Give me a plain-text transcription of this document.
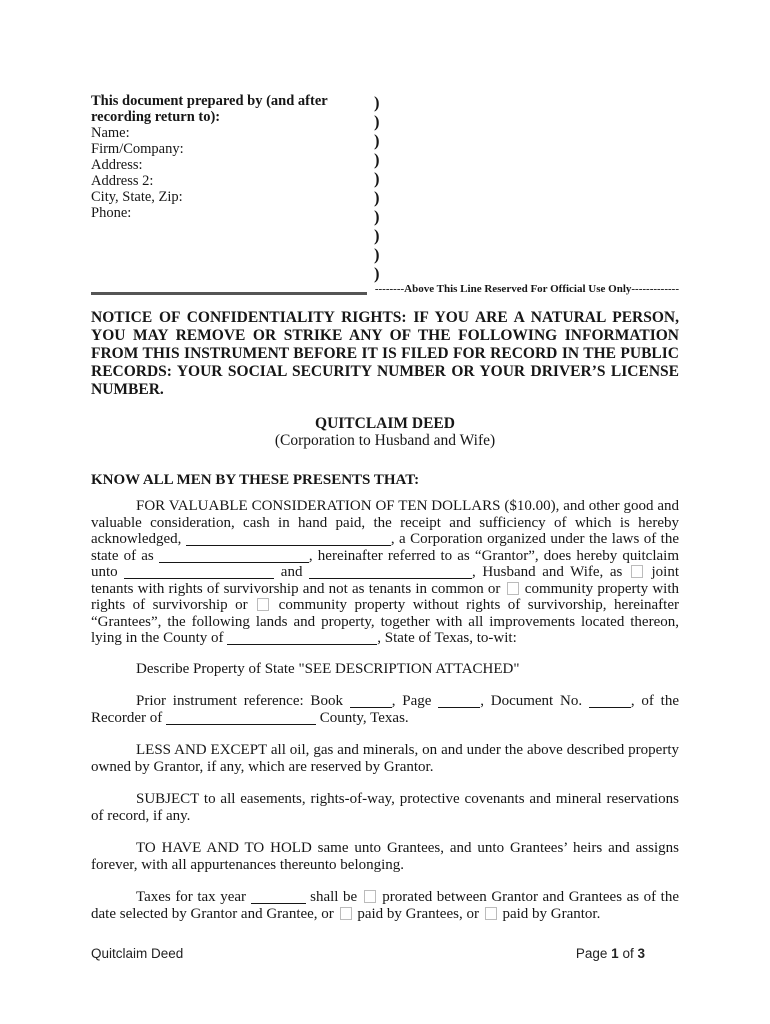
This document prepared by (and after recording return to):
Name:
Firm/Company:
Address:
Address 2:
City, State, Zip:
Phone:
)
)
)
)
)
)
)
)
)
)
--------Above This Line Reserved For Official Use Only-------------
NOTICE OF CONFIDENTIALITY RIGHTS: IF YOU ARE A NATURAL PERSON, YOU MAY REMOVE OR STRIKE ANY OF THE FOLLOWING INFORMATION FROM THIS INSTRUMENT BEFORE IT IS FILED FOR RECORD IN THE PUBLIC RECORDS: YOUR SOCIAL SECURITY NUMBER OR YOUR DRIVER’S LICENSE NUMBER.
QUITCLAIM DEED
(Corporation to Husband and Wife)
KNOW ALL MEN BY THESE PRESENTS THAT:

FOR VALUABLE CONSIDERATION OF TEN DOLLARS ($10.00), and other good and valuable consideration, cash in hand paid, the receipt and sufficiency of which is hereby acknowledged,	, a Corporation organized under the laws of the state of as	, hereinafter referred to as “Grantor”, does hereby quitclaim unto	and	, Husband and Wife, as  joint tenants with rights of survivorship and not as tenants in common or  community property with rights of survivorship or  community property without rights of survivorship, hereinafter “Grantees”, the following lands and property, together with all improvements located thereon, lying in the County of	, State of Texas, to-wit:

Describe Property of State "SEE DESCRIPTION ATTACHED"

Prior instrument reference: Book	, Page	, Document No.	, of the Recorder of	County, Texas.

LESS AND EXCEPT all oil, gas and minerals, on and under the above described property owned by Grantor, if any, which are reserved by Grantor.

SUBJECT to all easements, rights-of-way, protective covenants and mineral reservations of record, if any.

TO HAVE AND TO HOLD same unto Grantees, and unto Grantees’ heirs and assigns forever, with all appurtenances thereunto belonging.

Taxes for tax year	shall be  prorated between Grantor and Grantees as of the date selected by Grantor and Grantee, or  paid by Grantees, or  paid by Grantor.

Quitclaim Deed	Page 1 of 3
